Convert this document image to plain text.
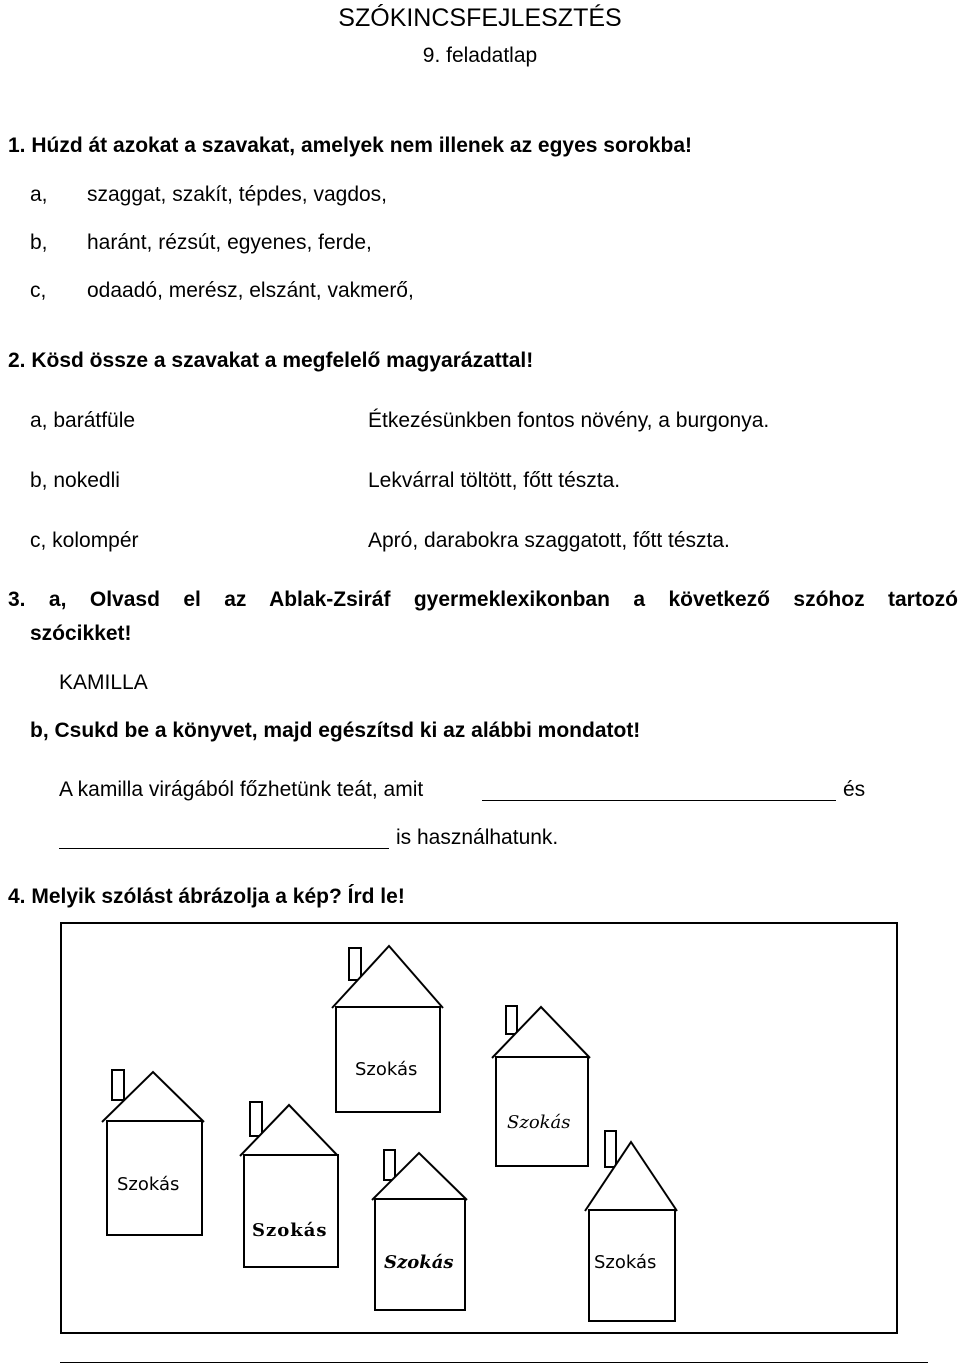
SZÓKINCSFEJLESZTÉS
9. feladatlap
1. Húzd át azokat a szavakat, amelyek nem illenek az egyes sorokba!
a, szaggat, szakít, tépdes, vagdos,
b, haránt, rézsút, egyenes, ferde,
c, odaadó, merész, elszánt, vakmerő,
2. Kösd össze a szavakat a megfelelő magyarázattal!
a, barátfüle
b, nokedli
c, kolompér
Étkezésünkben fontos növény, a burgonya.
Lekvárral töltött, főtt tészta.
Apró, darabokra szaggatott, főtt tészta.
3. a, Olvasd el az Ablak-Zsiráf gyermeklexikonban a következő szóhoz tartozó
szócikket!
KAMILLA
b, Csukd be a könyvet, majd egészítsd ki az alábbi mondatot!
A kamilla virágából főzhetünk teát, amit	és
is használhatunk.
4. Melyik szólást ábrázolja a kép? Írd le!
Szokás
Szokás
Szokás
Szokás
Szokás	Szokás
